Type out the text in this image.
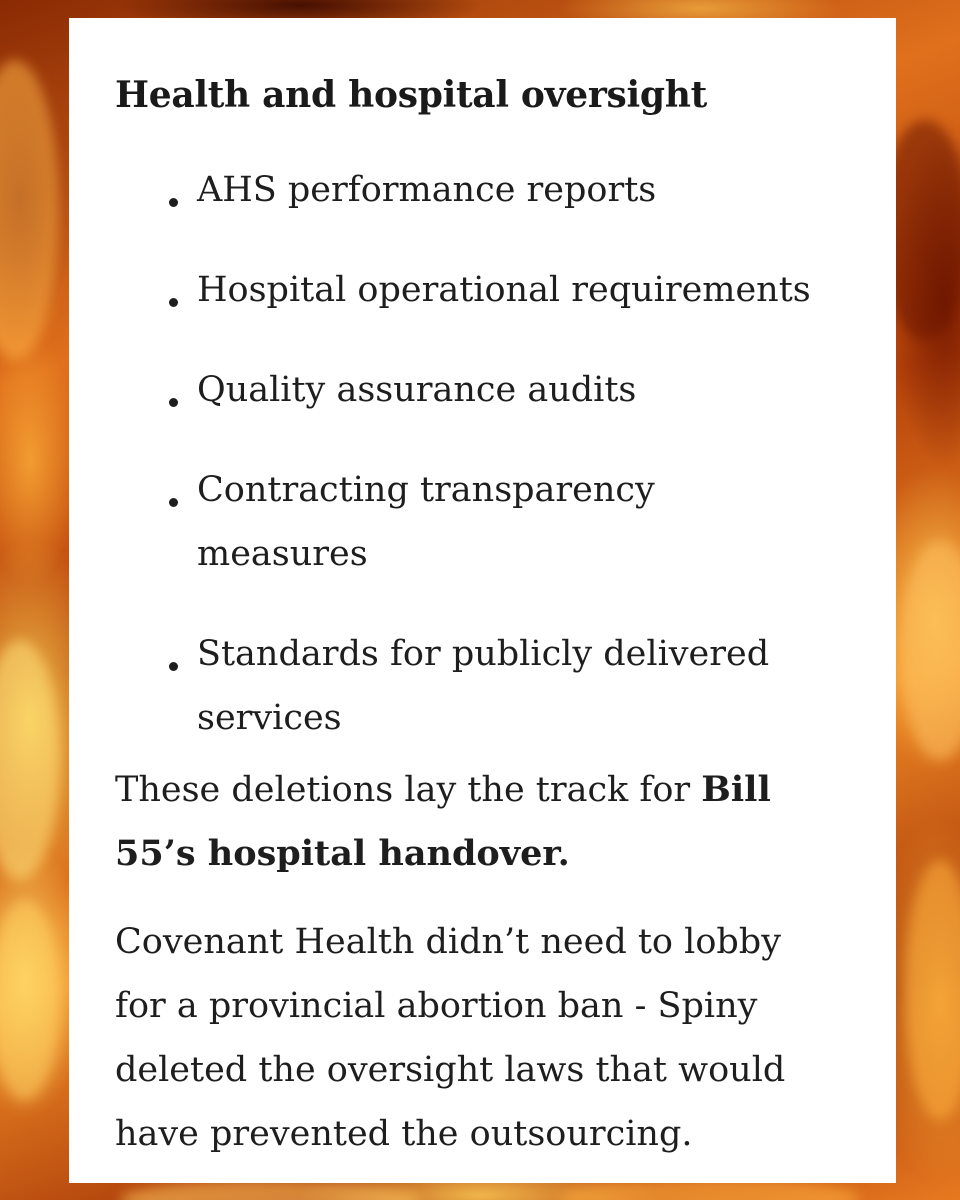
Health and hospital oversight
AHS performance reports
Hospital operational requirements
Quality assurance audits
Contracting transparency measures
Standards for publicly delivered services

These deletions lay the track for Bill 55’s hospital handover.

Covenant Health didn’t need to lobby for a provincial abortion ban - Spiny deleted the oversight laws that would have prevented the outsourcing.
